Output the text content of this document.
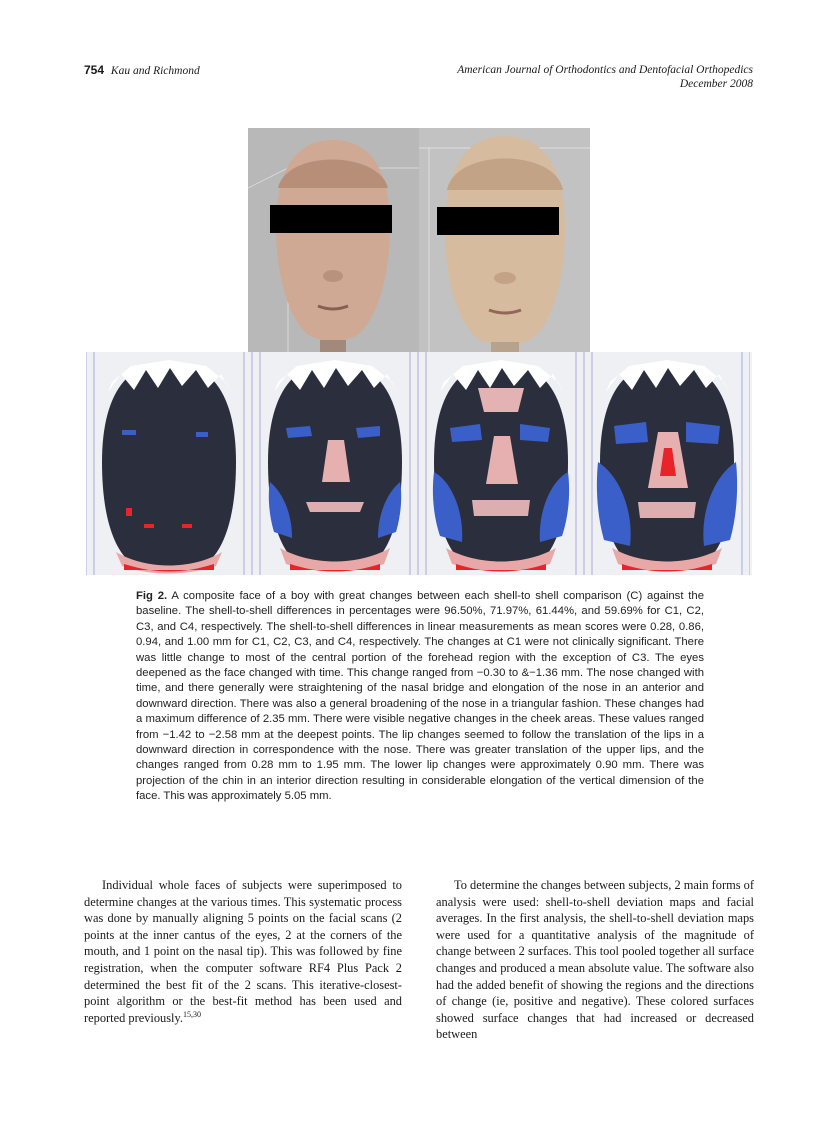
754 Kau and Richmond	American Journal of Orthodontics and Dentofacial Orthopedics
December 2008
Fig 2. A composite face of a boy with great changes between each shell-to shell comparison (C) against the baseline. The shell-to-shell differences in percentages were 96.50%, 71.97%, 61.44%, and 59.69% for C1, C2, C3, and C4, respectively. The shell-to-shell differences in linear measurements as mean scores were 0.28, 0.86, 0.94, and 1.00 mm for C1, C2, C3, and C4, respectively. The changes at C1 were not clinically significant. There was little change to most of the central portion of the forehead region with the exception of C3. The eyes deepened as the face changed with time. This change ranged from −0.30 to &−1.36 mm. The nose changed with time, and there generally were straightening of the nasal bridge and elongation of the nose in an anterior and downward direction. There was also a general broadening of the nose in a triangular fashion. These changes had a maximum difference of 2.35 mm. There were visible negative changes in the cheek areas. These values ranged from −1.42 to −2.58 mm at the deepest points. The lip changes seemed to follow the translation of the lips in a downward direction in correspondence with the nose. There was greater translation of the upper lips, and the changes ranged from 0.28 mm to 1.95 mm. The lower lip changes were approximately 0.90 mm. There was projection of the chin in an interior direction resulting in considerable elongation of the vertical dimension of the face. This was approximately 5.05 mm.

Individual whole faces of subjects were superimposed to determine changes at the various times. This systematic process was done by manually aligning 5 points on the facial scans (2 points at the inner cantus of the eyes, 2 at the corners of the mouth, and 1 point on the nasal tip). This was followed by fine registration, when the computer software RF4 Plus Pack 2 determined the best fit of the 2 scans. This iterative-closest-point algorithm or the best-fit method has been used and reported previously.$^{15,30}$

To determine the changes between subjects, 2 main forms of analysis were used: shell-to-shell deviation maps and facial averages. In the first analysis, the shell-to-shell deviation maps were used for a quantitative analysis of the magnitude of change between 2 surfaces. This tool pooled together all surface changes and produced a mean absolute value. The software also had the added benefit of showing the regions and the directions of change (ie, positive and negative). These colored surfaces showed surface changes that had increased or decreased between
